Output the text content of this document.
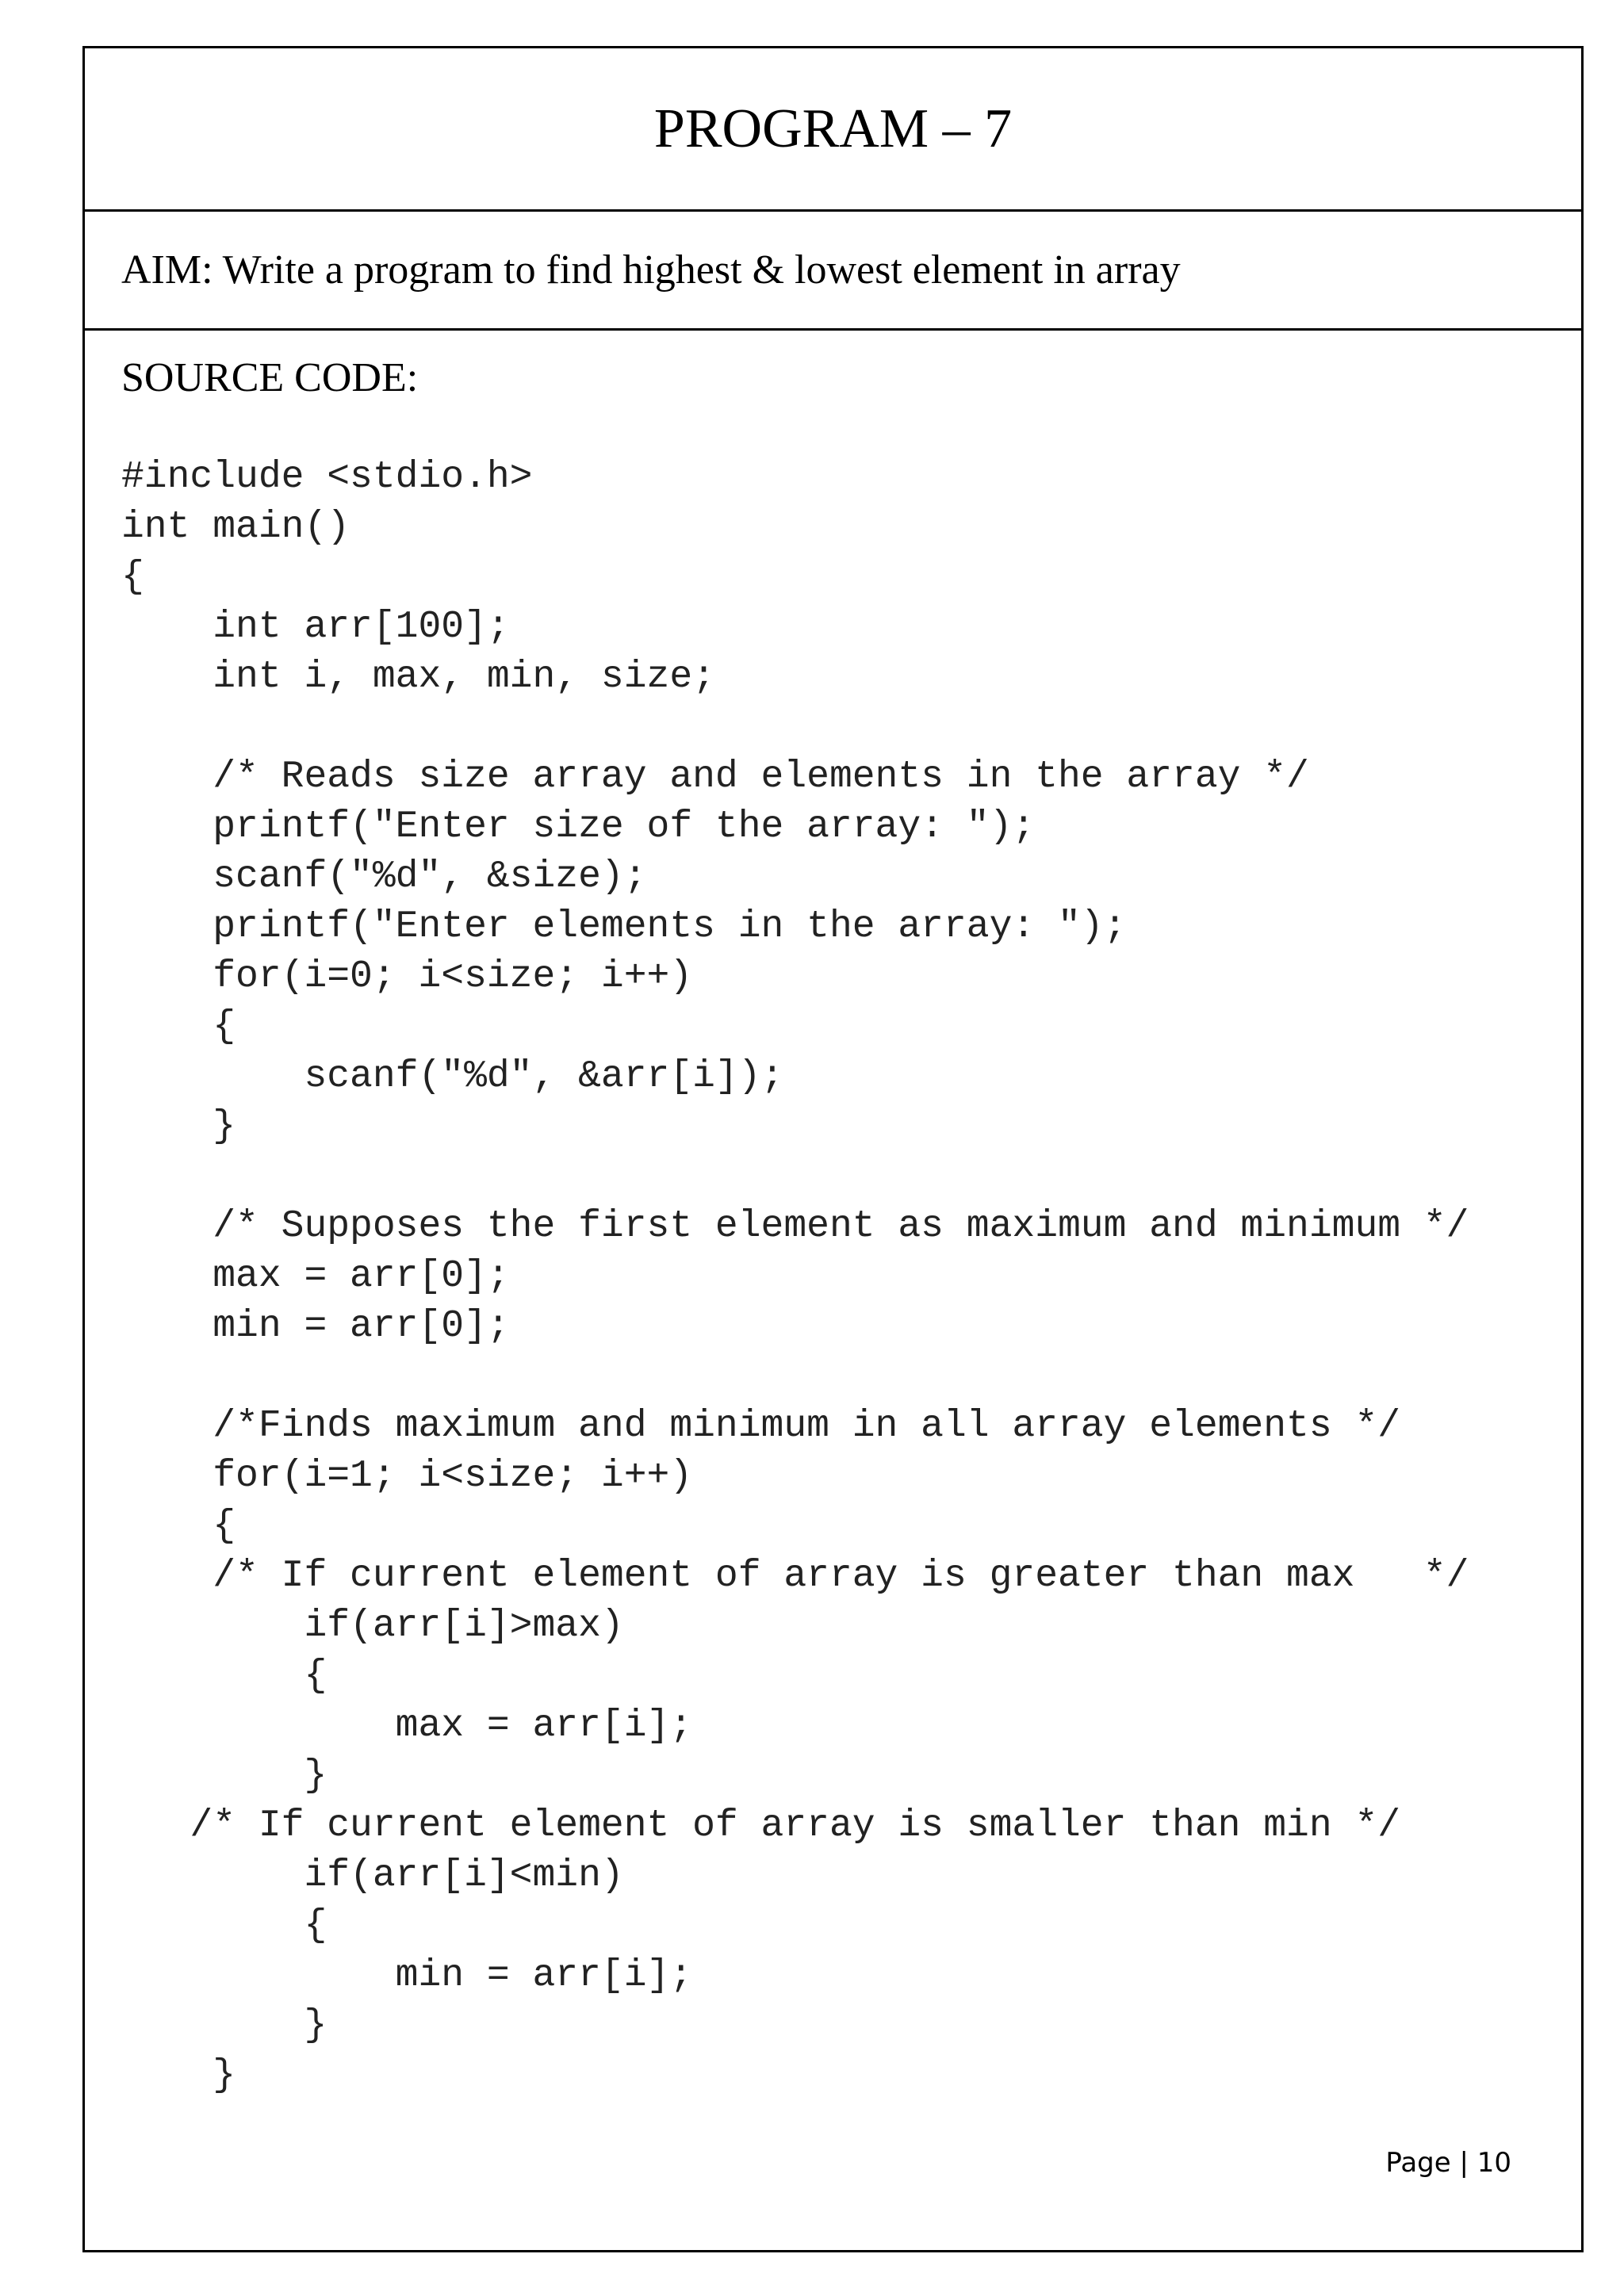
PROGRAM – 7
AIM: Write a program to find highest & lowest element in array
SOURCE CODE:
#include <stdio.h>
int main()
{
int arr[100];
int i, max, min, size;
/* Reads size array and elements in the array */
printf("Enter size of the array: ");
scanf("%d", &size);
printf("Enter elements in the array: ");
for(i=0; i<size; i++)
{
scanf("%d", &arr[i]);
}
/* Supposes the first element as maximum and minimum */
max = arr[0];
min = arr[0];
/*Finds maximum and minimum in all array elements */
for(i=1; i<size; i++)
{
/* If current element of array is greater than max   */
if(arr[i]>max)
{
max = arr[i];
}
/* If current element of array is smaller than min */
if(arr[i]<min)
{
min = arr[i];
}
}
Page | 10
